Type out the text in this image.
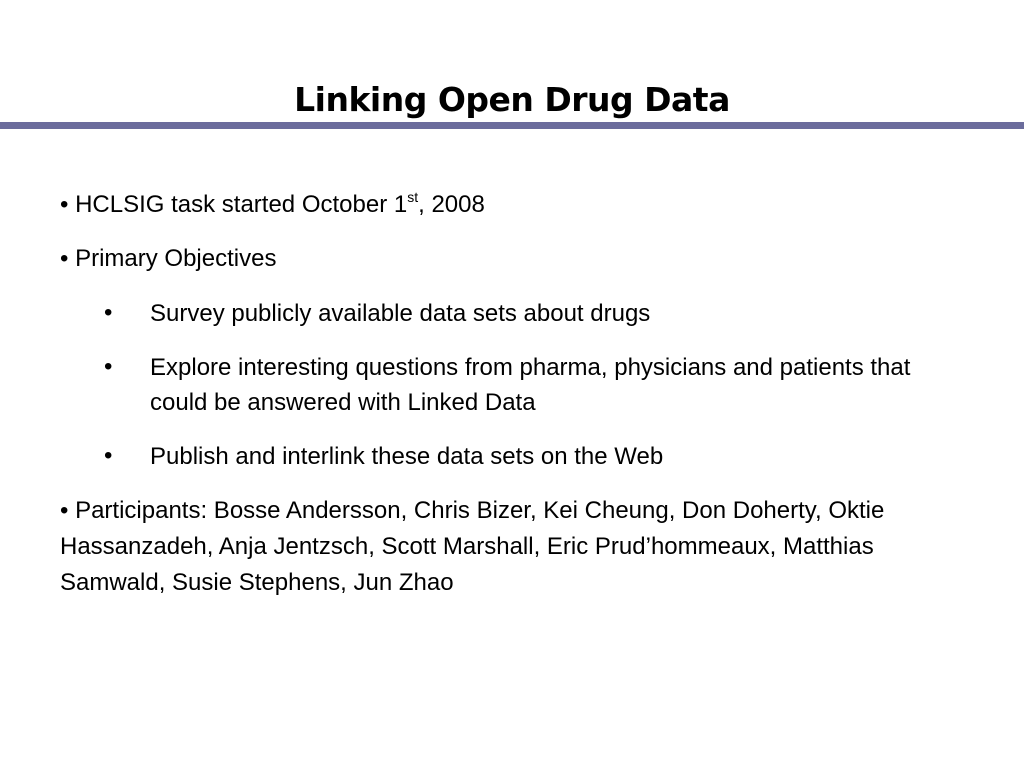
Linking Open Drug Data
• HCLSIG task started October 1st, 2008
• Primary Objectives
• Survey publicly available data sets about drugs
• Explore interesting questions from pharma, physicians and patients that could be answered with Linked Data
• Publish and interlink these data sets on the Web
• Participants: Bosse Andersson, Chris Bizer, Kei Cheung, Don Doherty, Oktie Hassanzadeh, Anja Jentzsch, Scott Marshall, Eric Prud’hommeaux, Matthias Samwald, Susie Stephens, Jun Zhao
